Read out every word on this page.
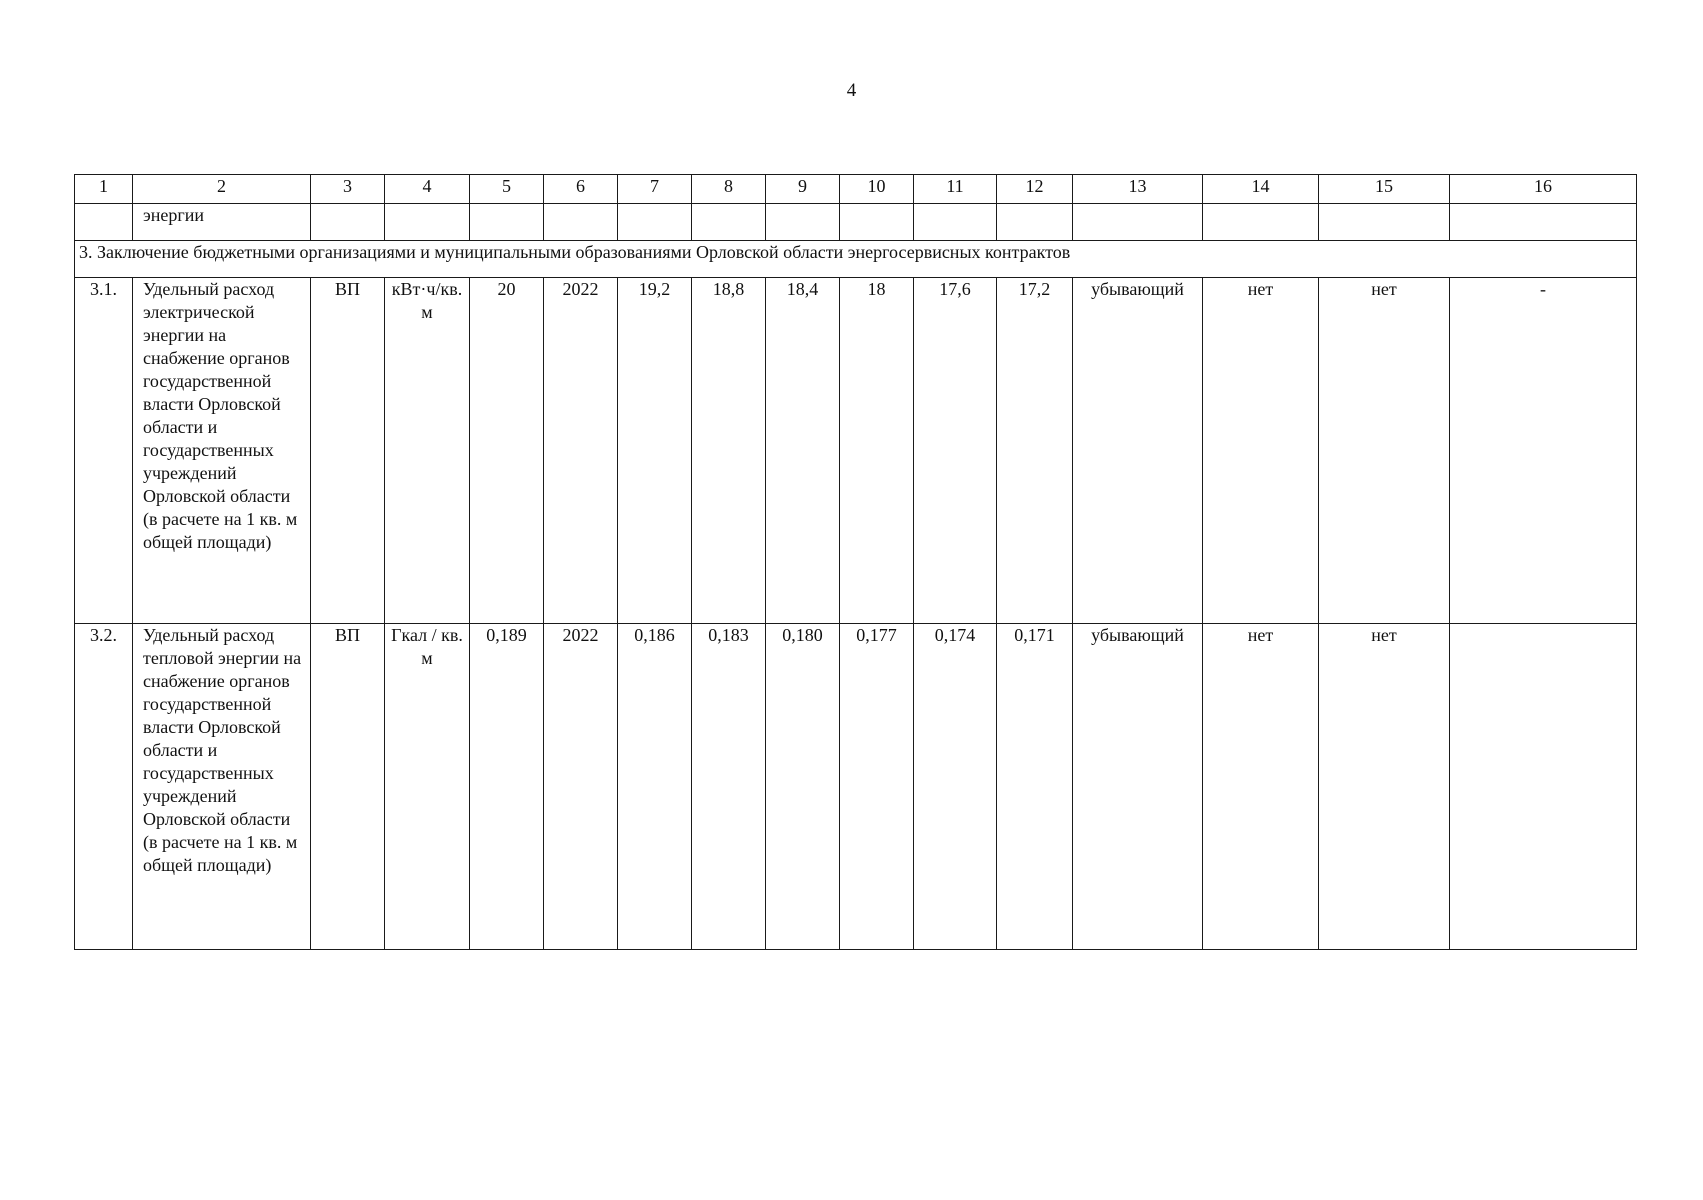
4
1	2	3	4	5	6	7	8	9	10	11	12	13	14	15	16
	энергии														
3. Заключение бюджетными организациями и муниципальными образованиями Орловской области энергосервисных контрактов															
3.1.	Удельный расход электрической энергии на снабжение органов государственной власти Орловской области и государственных учреждений Орловской области (в расчете на 1 кв. м общей площади)	ВП	кВт·ч/кв. м	20	2022	19,2	18,8	18,4	18	17,6	17,2	убывающий	нет	нет	-
3.2.	Удельный расход тепловой энергии на снабжение органов государственной власти Орловской области и государственных учреждений Орловской области (в расчете на 1 кв. м общей площади)	ВП	Гкал / кв. м	0,189	2022	0,186	0,183	0,180	0,177	0,174	0,171	убывающий	нет	нет	
